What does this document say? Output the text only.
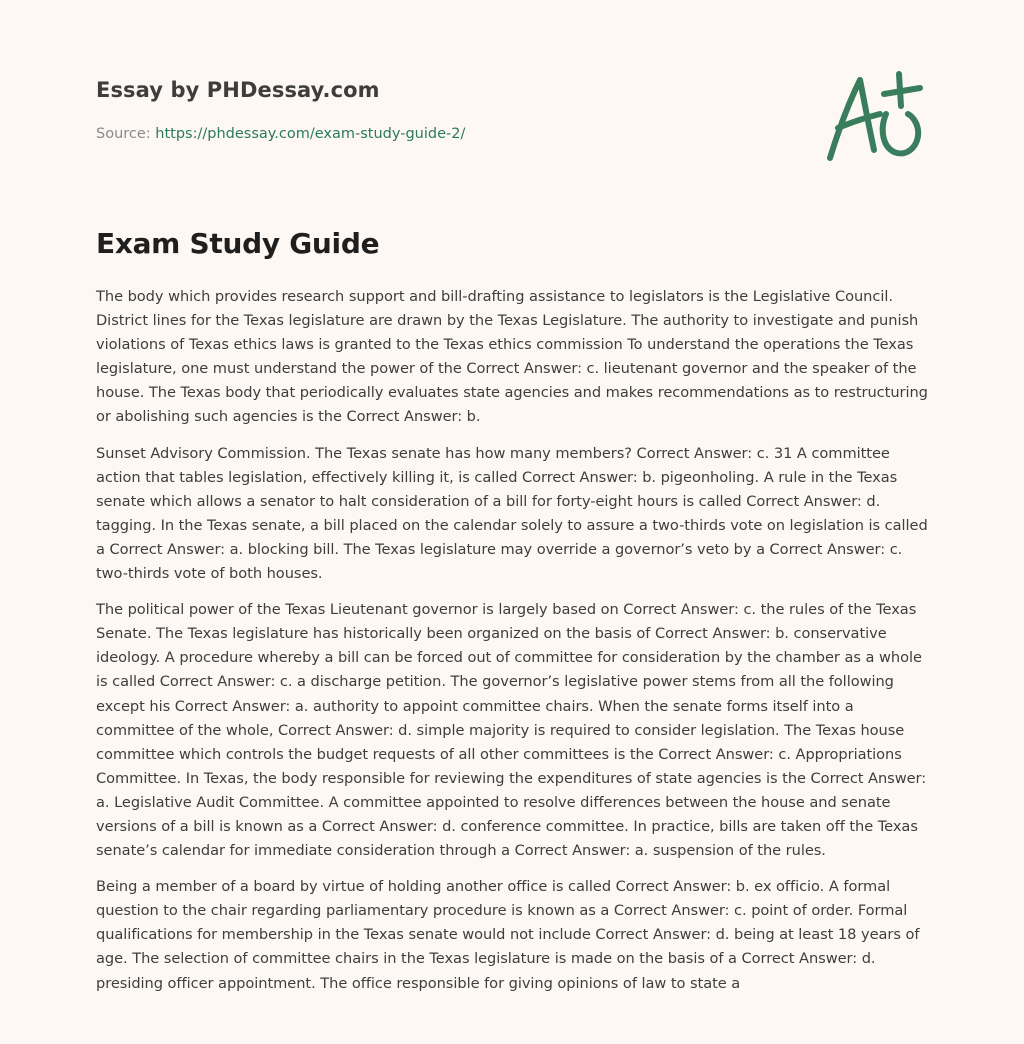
Essay by PHDessay.com
Source: https://phdessay.com/exam-study-guide-2/
Exam Study Guide

The body which provides research support and bill-drafting assistance to legislators is the Legislative Council. District lines for the Texas legislature are drawn by the Texas Legislature. The authority to investigate and punish violations of Texas ethics laws is granted to the Texas ethics commission To understand the operations the Texas legislature, one must understand the power of the Correct Answer: c. lieutenant governor and the speaker of the house. The Texas body that periodically evaluates state agencies and makes recommendations as to restructuring or abolishing such agencies is the Correct Answer: b.

Sunset Advisory Commission. The Texas senate has how many members? Correct Answer: c. 31 A committee action that tables legislation, effectively killing it, is called Correct Answer: b. pigeonholing. A rule in the Texas senate which allows a senator to halt consideration of a bill for forty-eight hours is called Correct Answer: d. tagging. In the Texas senate, a bill placed on the calendar solely to assure a two-thirds vote on legislation is called a Correct Answer: a. blocking bill. The Texas legislature may override a governor’s veto by a Correct Answer: c. two-thirds vote of both houses.

The political power of the Texas Lieutenant governor is largely based on Correct Answer: c. the rules of the Texas Senate. The Texas legislature has historically been organized on the basis of Correct Answer: b. conservative ideology. A procedure whereby a bill can be forced out of committee for consideration by the chamber as a whole is called Correct Answer: c. a discharge petition. The governor’s legislative power stems from all the following except his Correct Answer: a. authority to appoint committee chairs. When the senate forms itself into a committee of the whole, Correct Answer: d. simple majority is required to consider legislation. The Texas house committee which controls the budget requests of all other committees is the Correct Answer: c. Appropriations Committee. In Texas, the body responsible for reviewing the expenditures of state agencies is the Correct Answer: a. Legislative Audit Committee. A committee appointed to resolve differences between the house and senate versions of a bill is known as a Correct Answer: d. conference committee. In practice, bills are taken off the Texas senate’s calendar for immediate consideration through a Correct Answer: a. suspension of the rules.

Being a member of a board by virtue of holding another office is called Correct Answer: b. ex officio. A formal question to the chair regarding parliamentary procedure is known as a Correct Answer: c. point of order. Formal qualifications for membership in the Texas senate would not include Correct Answer: d. being at least 18 years of age. The selection of committee chairs in the Texas legislature is made on the basis of a Correct Answer: d. presiding officer appointment. The office responsible for giving opinions of law to state a
